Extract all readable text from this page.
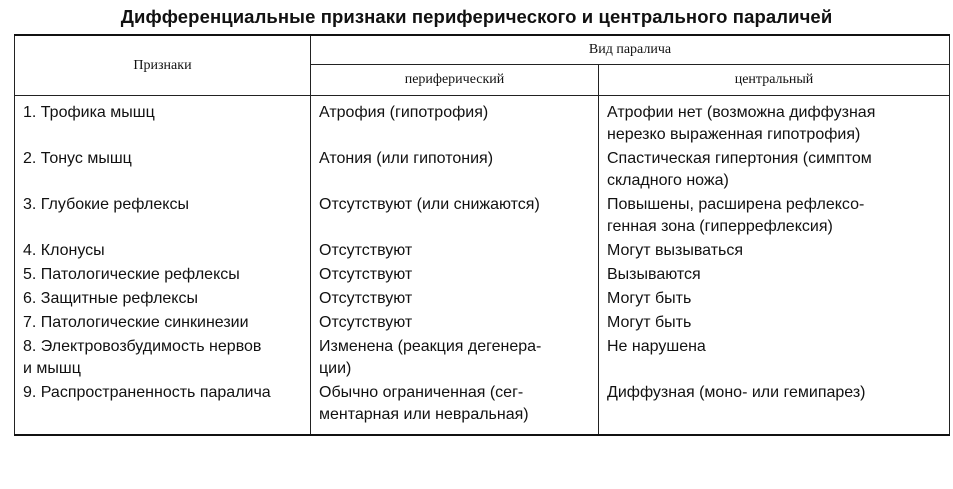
Дифференциальные признаки периферического и центрального параличей
Признаки	Вид паралича	
	периферический	центральный
1. Трофика мышц	Атрофия (гипотрофия)	Атрофии нет (возможна диффузная
нерезко выраженная гипотрофия)
2. Тонус мышц	Атония (или гипотония)	Спастическая гипертония (симптом
складного ножа)
3. Глубокие рефлексы	Отсутствуют (или снижаются)	Повышены, расширена рефлексо-
генная зона (гиперрефлексия)
4. Клонусы	Отсутствуют	Могут вызываться
5. Патологические рефлексы	Отсутствуют	Вызываются
6. Защитные рефлексы	Отсутствуют	Могут быть
7. Патологические синкинезии	Отсутствуют	Могут быть
8. Электровозбудимость нервов
и мышц	Изменена (реакция дегенера-
ции)	Не нарушена
9. Распространенность паралича	Обычно ограниченная (сег-
ментарная или невральная)	Диффузная (моно- или гемипарез)
